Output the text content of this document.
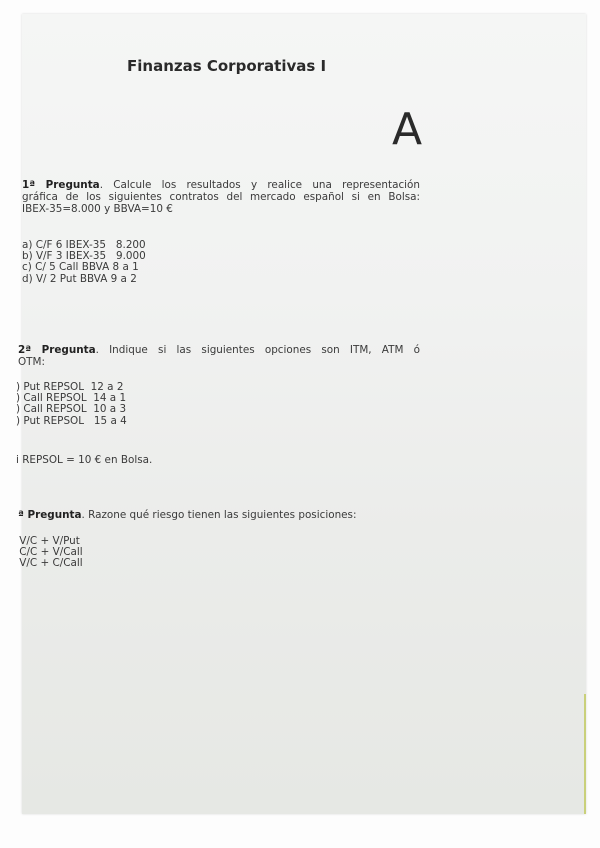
Finanzas Corporativas I
A
1ª Pregunta. Calcule los resultados y realice una representación
gráfica de los siguientes contratos del mercado español si en Bolsa:
IBEX-35=8.000 y BBVA=10 €
a) C/F 6 IBEX-35   8.200
b) V/F 3 IBEX-35   9.000
c) C/ 5 Call BBVA 8 a 1
d) V/ 2 Put BBVA 9 a 2
2ª Pregunta. Indique si las siguientes opciones son ITM, ATM ó
OTM:
) Put REPSOL  12 a 2
) Call REPSOL  14 a 1
) Call REPSOL  10 a 3
) Put REPSOL   15 a 4
i REPSOL = 10 € en Bolsa.
ª Pregunta. Razone qué riesgo tienen las siguientes posiciones:
V/C + V/Put
C/C + V/Call
V/C + C/Call
